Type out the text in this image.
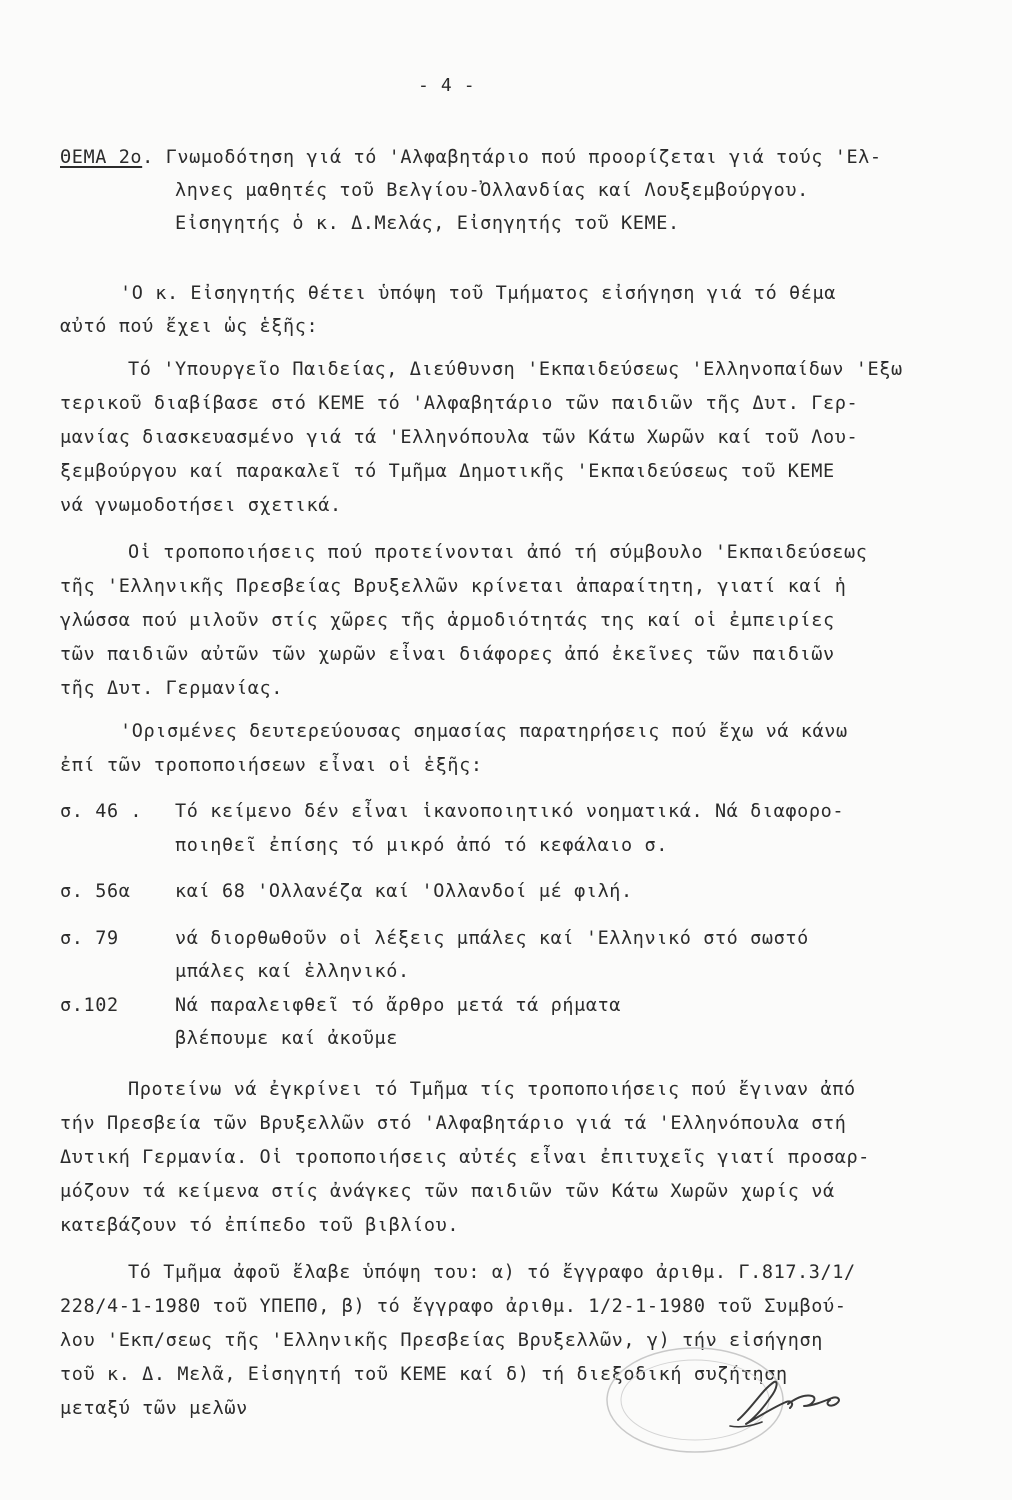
- 4 -
ΘΕΜΑ 2ο. Γνωμοδότηση γιά τό 'Αλφαβητάριο πού προορίζεται γιά τούς 'Ελ-
ληνες μαθητές τοῦ Βελγίου-Ὀλλανδίας καί Λουξεμβούργου.
Εἰσηγητής ὁ κ. Δ.Μελάς, Εἰσηγητής τοῦ ΚΕΜΕ.
'Ο κ. Εἰσηγητής θέτει ὑπόψη τοῦ Τμήματος εἰσήγηση γιά τό θέμα
αὐτό πού ἔχει ὡς ἑξῆς:
Τό 'Υπουργεῖο Παιδείας, Διεύθυνση 'Εκπαιδεύσεως 'Ελληνοπαίδων 'Εξω
τερικοῦ διαβίβασε στό ΚΕΜΕ τό 'Αλφαβητάριο τῶν παιδιῶν τῆς Δυτ. Γερ-
μανίας διασκευασμένο γιά τά 'Ελληνόπουλα τῶν Κάτω Χωρῶν καί τοῦ Λου-
ξεμβούργου καί παρακαλεῖ τό Τμῆμα Δημοτικῆς 'Εκπαιδεύσεως τοῦ ΚΕΜΕ
νά γνωμοδοτήσει σχετικά.
Οἱ τροποποιήσεις πού προτείνονται ἀπό τή σύμβουλο 'Εκπαιδεύσεως
τῆς 'Ελληνικῆς Πρεσβείας Βρυξελλῶν κρίνεται ἀπαραίτητη, γιατί καί ἡ
γλώσσα πού μιλοῦν στίς χῶρες τῆς ἁρμοδιότητάς της καί οἱ ἐμπειρίες
τῶν παιδιῶν αὐτῶν τῶν χωρῶν εἶναι διάφορες ἀπό ἐκεῖνες τῶν παιδιῶν
τῆς Δυτ. Γερμανίας.
'Ορισμένες δευτερεύουσας σημασίας παρατηρήσεις πού ἔχω νά κάνω
ἐπί τῶν τροποποιήσεων εἶναι οἱ ἑξῆς:
σ. 46 . Τό κείμενο δέν εἶναι ἱκανοποιητικό νοηματικά. Νά διαφορο-
ποιηθεῖ ἐπίσης τό μικρό ἀπό τό κεφάλαιο σ.
σ. 56α καί 68 'Ολλανέζα καί 'Ολλανδοί μέ φιλή.
σ. 79	νά διορθωθοῦν οἱ λέξεις μπάλες καί 'Ελληνικό στό σωστό
μπάλες καί ἑλληνικό.
σ.102	Νά παραλειφθεῖ τό ἄρθρο μετά τά ρήματα
βλέπουμε καί ἀκοῦμε
Προτείνω νά ἐγκρίνει τό Τμῆμα τίς τροποποιήσεις πού ἔγιναν ἀπό
τήν Πρεσβεία τῶν Βρυξελλῶν στό 'Αλφαβητάριο γιά τά 'Ελληνόπουλα στή
Δυτική Γερμανία. Οἱ τροποποιήσεις αὐτές εἶναι ἐπιτυχεῖς γιατί προσαρ-
μόζουν τά κείμενα στίς ἀνάγκες τῶν παιδιῶν τῶν Κάτω Χωρῶν χωρίς νά
κατεβάζουν τό ἐπίπεδο τοῦ βιβλίου.
Τό Τμῆμα ἀφοῦ ἔλαβε ὑπόψη του: α) τό ἔγγραφο ἀριθμ. Γ.817.3/1/
228/4-1-1980 τοῦ ΥΠΕΠΘ, β) τό ἔγγραφο ἀριθμ. 1/2-1-1980 τοῦ Συμβού-
λου 'Εκπ/σεως τῆς 'Ελληνικῆς Πρεσβείας Βρυξελλῶν, γ) τήν εἰσήγηση
τοῦ κ. Δ. Μελᾶ, Εἰσηγητή τοῦ ΚΕΜΕ καί δ) τή διεξοδική συζήτηση
μεταξύ τῶν μελῶν
